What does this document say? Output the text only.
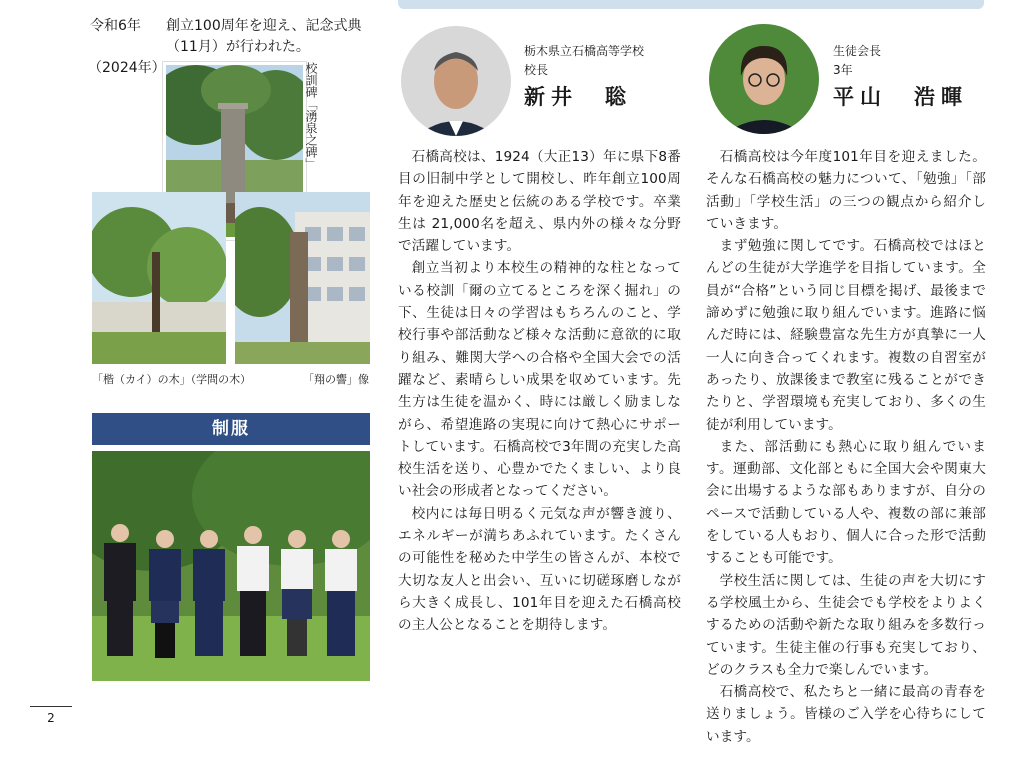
令和6年	創立100周年を迎え、記念式典（11月）が行われた。
（2024年）	校訓碑「湧泉之碑」
「楷（カイ）の木」（学問の木）	「翔の響」像
制服
2
栃木県立石橋高等学校
校長
新井　聡
生徒会長
3年
平山　浩暉

石橋高校は、1924（大正13）年に県下8番目の旧制中学として開校し、昨年創立100周年を迎えた歴史と伝統のある学校です。卒業生は 21,000名を超え、県内外の様々な分野で活躍しています。

創立当初より本校生の精神的な柱となっている校訓「爾の立てるところを深く掘れ」の下、生徒は日々の学習はもちろんのこと、学校行事や部活動など様々な活動に意欲的に取り組み、難関大学への合格や全国大会での活躍など、素晴らしい成果を収めています。先生方は生徒を温かく、時には厳しく励ましながら、希望進路の実現に向けて熱心にサポートしています。石橋高校で3年間の充実した高校生活を送り、心豊かでたくましい、より良い社会の形成者となってください。

校内には毎日明るく元気な声が響き渡り、エネルギーが満ちあふれています。たくさんの可能性を秘めた中学生の皆さんが、本校で大切な友人と出会い、互いに切磋琢磨しながら大きく成長し、101年目を迎えた石橋高校の主人公となることを期待します。

石橋高校は今年度101年目を迎えました。そんな石橋高校の魅力について、「勉強」「部活動」「学校生活」の三つの観点から紹介していきます。

まず勉強に関してです。石橋高校ではほとんどの生徒が大学進学を目指しています。全員が“合格”という同じ目標を掲げ、最後まで諦めずに勉強に取り組んでいます。進路に悩んだ時には、経験豊富な先生方が真摯に一人一人に向き合ってくれます。複数の自習室があったり、放課後まで教室に残ることができたりと、学習環境も充実しており、多くの生徒が利用しています。

また、部活動にも熱心に取り組んでいます。運動部、文化部ともに全国大会や関東大会に出場するような部もありますが、自分のペースで活動している人や、複数の部に兼部をしている人もおり、個人に合った形で活動することも可能です。

学校生活に関しては、生徒の声を大切にする学校風土から、生徒会でも学校をよりよくするための活動や新たな取り組みを多数行っています。生徒主催の行事も充実しており、どのクラスも全力で楽しんでいます。

石橋高校で、私たちと一緒に最高の青春を送りましょう。皆様のご入学を心待ちにしています。
